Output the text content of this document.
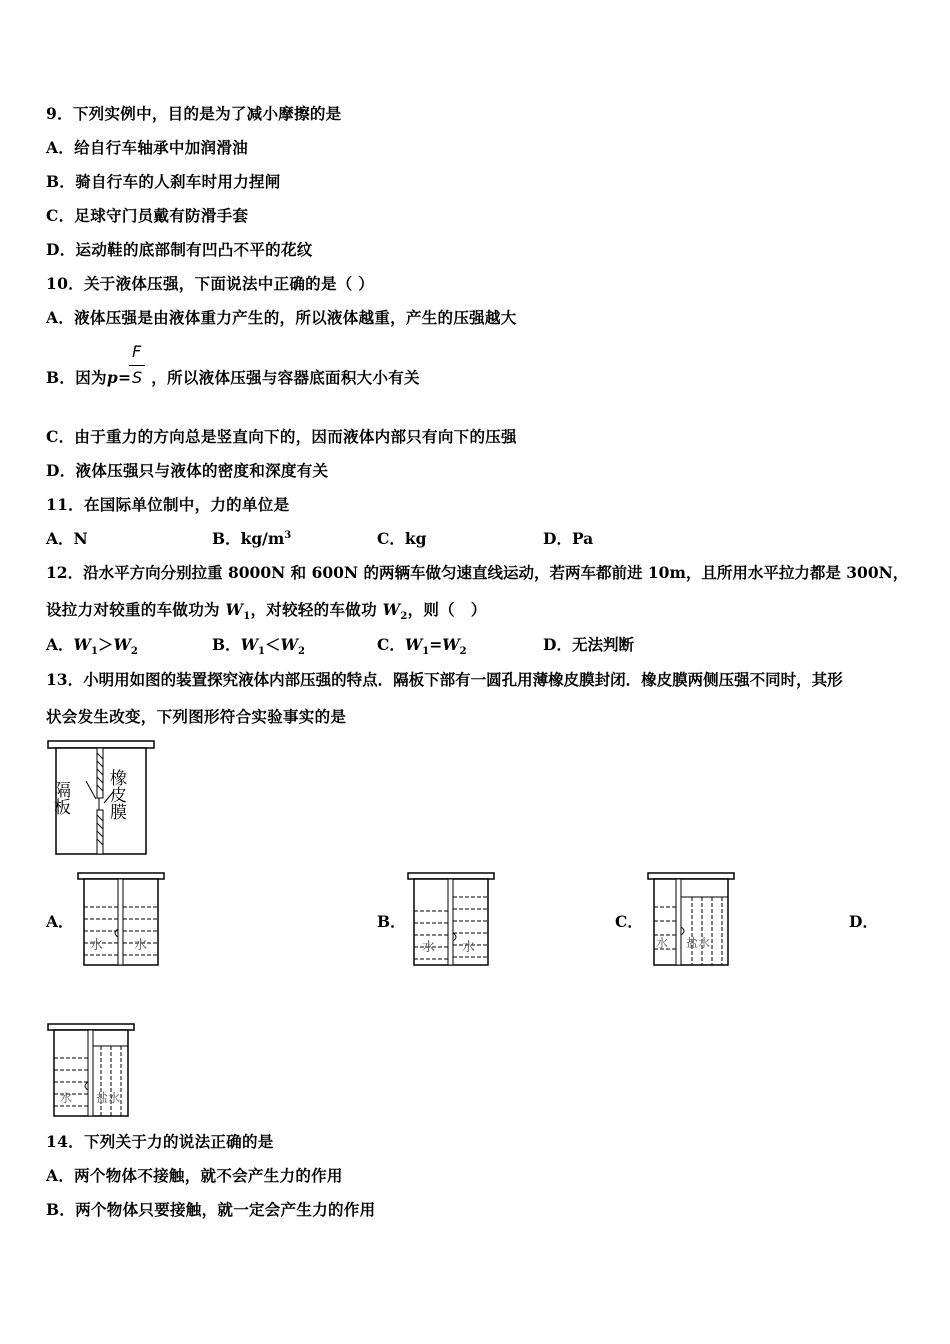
9．下列实例中，目的是为了减小摩擦的是
A．给自行车轴承中加润滑油
B．骑自行车的人刹车时用力捏闸
C．足球守门员戴有防滑手套
D．运动鞋的底部制有凹凸不平的花纹
10．关于液体压强，下面说法中正确的是（ ）
A．液体压强是由液体重力产生的，所以液体越重，产生的压强越大
B．因为p= ，所以液体压强与容器底面积大小有关
F
S
C．由于重力的方向总是竖直向下的，因而液体内部只有向下的压强
D．液体压强只与液体的密度和深度有关
11．在国际单位制中，力的单位是
A．N	B．$kg/m^3$	C．kg	D．Pa
12．沿水平方向分别拉重 8000N 和 600N 的两辆车做匀速直线运动，若两车都前进 10m，且所用水平拉力都是 300N，
设拉力对较重的车做功为 $W_1$，对较轻的车做功 $W_2$，则（　）
A．$W_1>W_2$	B．$W_1<W_2$	C．$W_1=W_2$	D．无法判断
13．小明用如图的装置探究液体内部压强的特点．隔板下部有一圆孔用薄橡皮膜封闭．橡皮膜两侧压强不同时，其形
状会发生改变，下列图形符合实验事实的是
隔板 橡皮膜
A．
水 水
B．
水 水
C．
水 盐水
D．
水 盐水
14．下列关于力的说法正确的是
A．两个物体不接触，就不会产生力的作用
B．两个物体只要接触，就一定会产生力的作用
